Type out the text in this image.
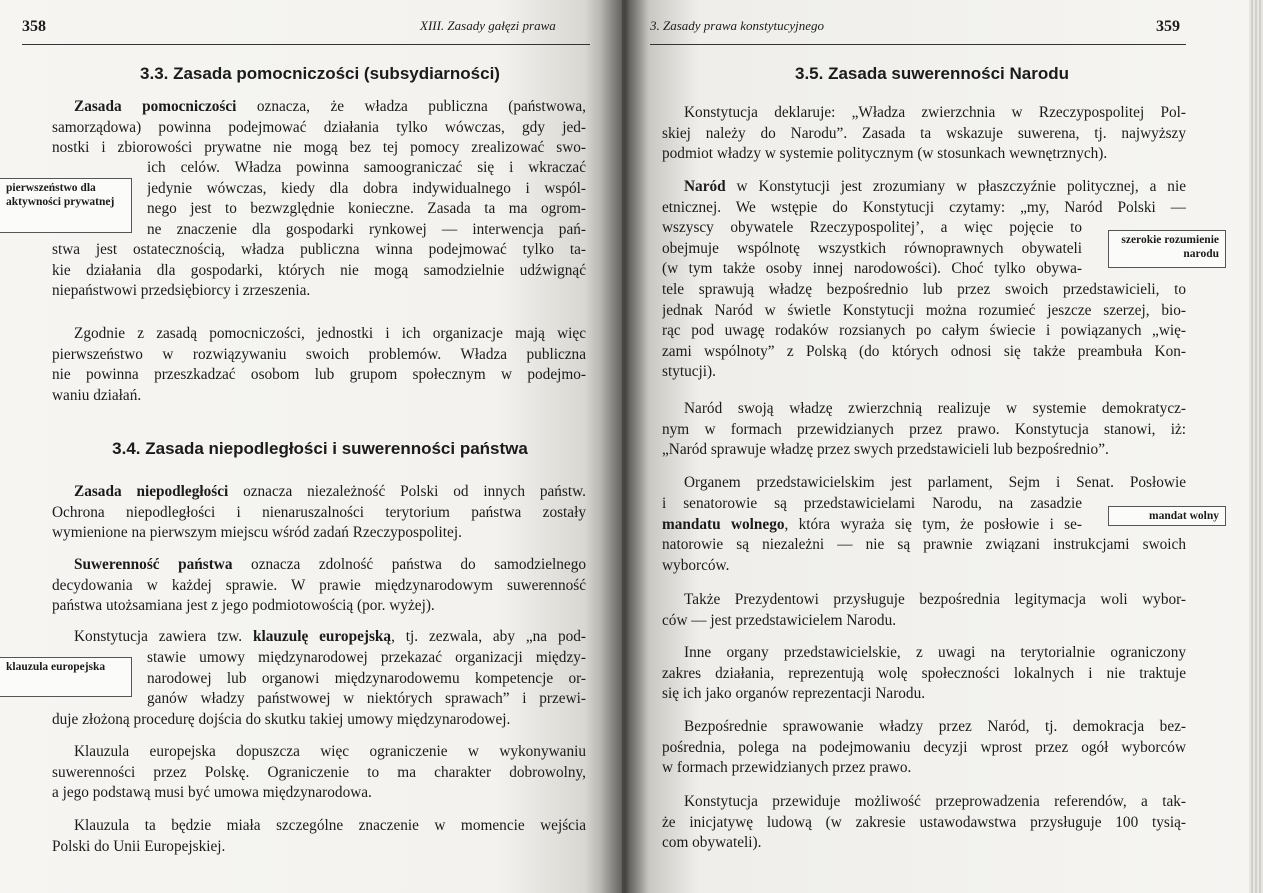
358	XIII. Zasady gałęzi prawa
3.3. Zasada pomocniczości (subsydiarności)
Zasada pomocniczości oznacza, że władza publiczna (państwowa,
samorządowa) powinna podejmować działania tylko wówczas, gdy jed-
nostki i zbiorowości prywatne nie mogą bez tej pomocy zrealizować swo-
ich celów. Władza powinna samoograniczać się i wkraczać
jedynie wówczas, kiedy dla dobra indywidualnego i wspól-
nego jest to bezwzględnie konieczne. Zasada ta ma ogrom-
ne znaczenie dla gospodarki rynkowej — interwencja pań-
stwa jest ostatecznością, władza publiczna winna podejmować tylko ta-
kie działania dla gospodarki, których nie mogą samodzielnie udźwignąć
niepaństwowi przedsiębiorcy i zrzeszenia.
pierwszeństwo dla aktywności prywatnej
Zgodnie z zasadą pomocniczości, jednostki i ich organizacje mają więc
pierwszeństwo w rozwiązywaniu swoich problemów. Władza publiczna
nie powinna przeszkadzać osobom lub grupom społecznym w podejmo-
waniu działań.
3.4. Zasada niepodległości i suwerenności państwa
Zasada niepodległości oznacza niezależność Polski od innych państw.
Ochrona niepodległości i nienaruszalności terytorium państwa zostały
wymienione na pierwszym miejscu wśród zadań Rzeczypospolitej.
Suwerenność państwa oznacza zdolność państwa do samodzielnego
decydowania w każdej sprawie. W prawie międzynarodowym suwerenność
państwa utożsamiana jest z jego podmiotowością (por. wyżej).
Konstytucja zawiera tzw. klauzulę europejską, tj. zezwala, aby „na pod-
stawie umowy międzynarodowej przekazać organizacji między-
narodowej lub organowi międzynarodowemu kompetencje or-
ganów władzy państwowej w niektórych sprawach” i przewi-
duje złożoną procedurę dojścia do skutku takiej umowy międzynarodowej.
klauzula europejska
Klauzula europejska dopuszcza więc ograniczenie w wykonywaniu
suwerenności przez Polskę. Ograniczenie to ma charakter dobrowolny,
a jego podstawą musi być umowa międzynarodowa.
Klauzula ta będzie miała szczególne znaczenie w momencie wejścia
Polski do Unii Europejskiej.
3. Zasady prawa konstytucyjnego	359
3.5. Zasada suwerenności Narodu
Konstytucja deklaruje: „Władza zwierzchnia w Rzeczypospolitej Pol-
skiej należy do Narodu”. Zasada ta wskazuje suwerena, tj. najwyższy
podmiot władzy w systemie politycznym (w stosunkach wewnętrznych).
Naród w Konstytucji jest zrozumiany w płaszczyźnie politycznej, a nie
etnicznej. We wstępie do Konstytucji czytamy: „my, Naród Polski —
wszyscy obywatele Rzeczypospolitej’, a więc pojęcie to
obejmuje wspólnotę wszystkich równoprawnych obywateli
(w tym także osoby innej narodowości). Choć tylko obywa-
tele sprawują władzę bezpośrednio lub przez swoich przedstawicieli, to
jednak Naród w świetle Konstytucji można rozumieć jeszcze szerzej, bio-
rąc pod uwagę rodaków rozsianych po całym świecie i powiązanych „wię-
zami wspólnoty” z Polską (do których odnosi się także preambuła Kon-
stytucji).
szerokie rozumienie narodu
Naród swoją władzę zwierzchnią realizuje w systemie demokratycz-
nym w formach przewidzianych przez prawo. Konstytucja stanowi, iż:
„Naród sprawuje władzę przez swych przedstawicieli lub bezpośrednio”.
Organem przedstawicielskim jest parlament, Sejm i Senat. Posłowie
i senatorowie są przedstawicielami Narodu, na zasadzie
mandatu wolnego, która wyraża się tym, że posłowie i se-
natorowie są niezależni — nie są prawnie związani instrukcjami swoich
wyborców.
mandat wolny
Także Prezydentowi przysługuje bezpośrednia legitymacja woli wybor-
ców — jest przedstawicielem Narodu.
Inne organy przedstawicielskie, z uwagi na terytorialnie ograniczony
zakres działania, reprezentują wolę społeczności lokalnych i nie traktuje
się ich jako organów reprezentacji Narodu.
Bezpośrednie sprawowanie władzy przez Naród, tj. demokracja bez-
pośrednia, polega na podejmowaniu decyzji wprost przez ogół wyborców
w formach przewidzianych przez prawo.
Konstytucja przewiduje możliwość przeprowadzenia referendów, a tak-
że inicjatywę ludową (w zakresie ustawodawstwa przysługuje 100 tysią-
com obywateli).
